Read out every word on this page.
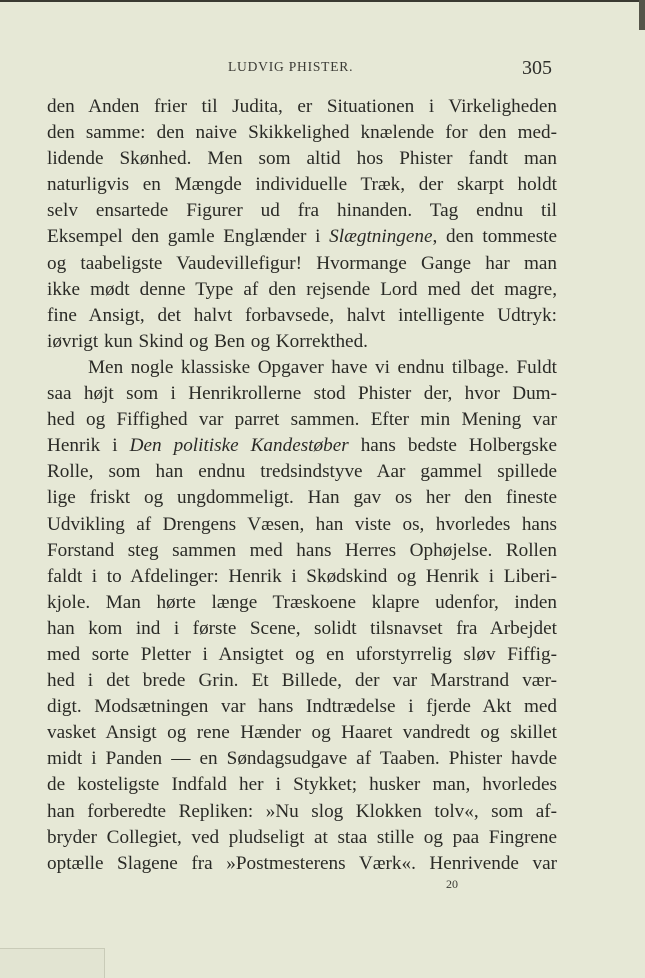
LUDVIG PHISTER.	305
den Anden frier til Judita, er Situationen i Virkeligheden
den samme: den naive Skikkelighed knælende for den med-
lidende Skønhed. Men som altid hos Phister fandt man
naturligvis en Mængde individuelle Træk, der skarpt holdt
selv ensartede Figurer ud fra hinanden. Tag endnu til
Eksempel den gamle Englænder i Slægtningene, den tommeste
og taabeligste Vaudevillefigur! Hvormange Gange har man
ikke mødt denne Type af den rejsende Lord med det magre,
fine Ansigt, det halvt forbavsede, halvt intelligente Udtryk:
iøvrigt kun Skind og Ben og Korrekthed.
Men nogle klassiske Opgaver have vi endnu tilbage. Fuldt
saa højt som i Henrikrollerne stod Phister der, hvor Dum-
hed og Fiffighed var parret sammen. Efter min Mening var
Henrik i Den politiske Kandestøber hans bedste Holbergske
Rolle, som han endnu tredsindstyve Aar gammel spillede
lige friskt og ungdommeligt. Han gav os her den fineste
Udvikling af Drengens Væsen, han viste os, hvorledes hans
Forstand steg sammen med hans Herres Ophøjelse. Rollen
faldt i to Afdelinger: Henrik i Skødskind og Henrik i Liberi-
kjole. Man hørte længe Træskoene klapre udenfor, inden
han kom ind i første Scene, solidt tilsnavset fra Arbejdet
med sorte Pletter i Ansigtet og en uforstyrrelig sløv Fiffig-
hed i det brede Grin. Et Billede, der var Marstrand vær-
digt. Modsætningen var hans Indtrædelse i fjerde Akt med
vasket Ansigt og rene Hænder og Haaret vandredt og skillet
midt i Panden — en Søndagsudgave af Taaben. Phister havde
de kosteligste Indfald her i Stykket; husker man, hvorledes
han forberedte Repliken: »Nu slog Klokken tolv«, som af-
bryder Collegiet, ved pludseligt at staa stille og paa Fingrene
optælle Slagene fra »Postmesterens Værk«. Henrivende var
20
